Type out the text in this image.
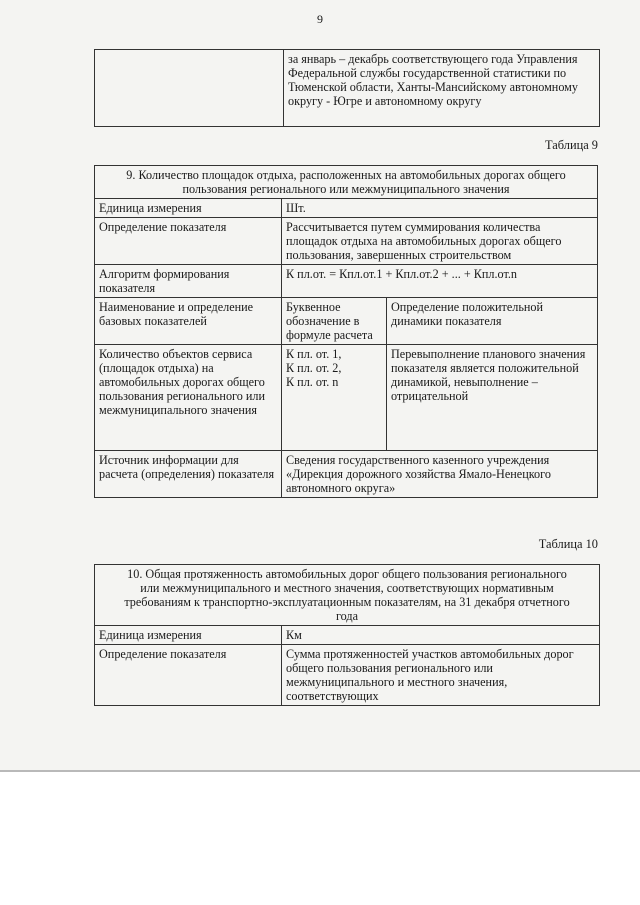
9
	за январь – декабрь соответствующего года Управления Федеральной службы государственной статистики по Тюменской области, Ханты-Мансийскому автономному округу - Югре и автономному округу
Таблица 9
9. Количество площадок отдыха, расположенных на автомобильных дорогах общего пользования регионального или межмуниципального значения		
Единица измерения	Шт.	
Определение показателя	Рассчитывается путем суммирования количества площадок отдыха на автомобильных дорогах общего пользования, завершенных строительством	
Алгоритм формирования показателя	К пл.от. = Кпл.от.1 + Кпл.от.2 + ... + Кпл.от.n	
Наименование и определение базовых показателей	Буквенное обозначение в формуле расчета	Определение положительной динамики показателя
Количество объектов сервиса (площадок отдыха) на автомобильных дорогах общего пользования регионального или межмуниципального значения	К пл. от. 1,
К пл. от. 2,
К пл. от. n	Перевыполнение планового значения показателя является положительной динамикой, невыполнение – отрицательной
Источник информации для расчета (определения) показателя	Сведения государственного казенного учреждения «Дирекция дорожного хозяйства Ямало-Ненецкого автономного округа»	
Таблица 10
10. Общая протяженность автомобильных дорог общего пользования регионального или межмуниципального и местного значения, соответствующих нормативным требованиям к транспортно-эксплуатационным показателям, на 31 декабря отчетного года	
Единица измерения	Км
Определение показателя	Сумма протяженностей участков автомобильных дорог общего пользования регионального или межмуниципального и местного значения, соответствующих
